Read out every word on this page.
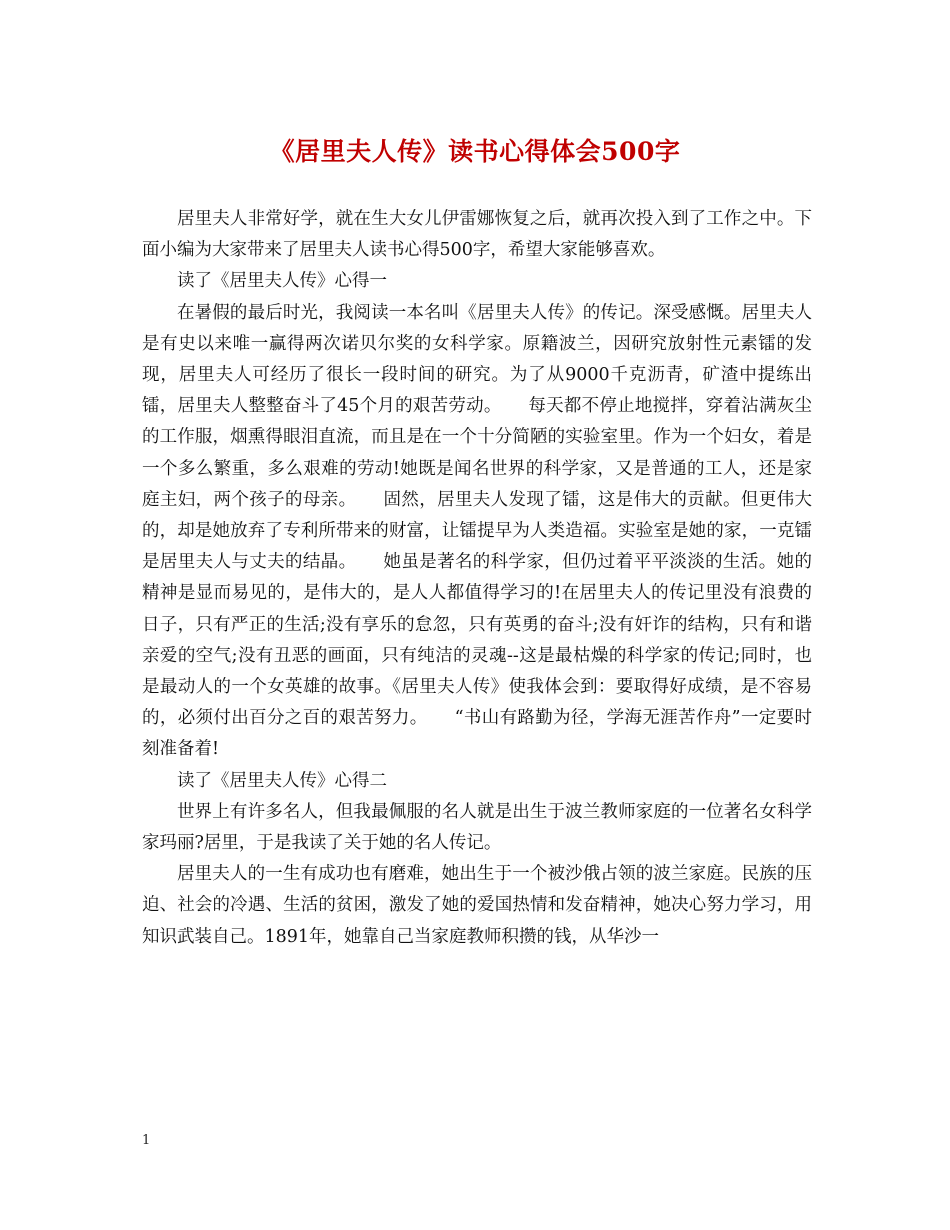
《居里夫人传》读书心得体会500字

居里夫人非常好学，就在生大女儿伊雷娜恢复之后，就再次投入到了工作之中。下面小编为大家带来了居里夫人读书心得500字，希望大家能够喜欢。

读了《居里夫人传》心得一

在暑假的最后时光，我阅读一本名叫《居里夫人传》的传记。深受感慨。居里夫人是有史以来唯一赢得两次诺贝尔奖的女科学家。原籍波兰，因研究放射性元素镭的发现，居里夫人可经历了很长一段时间的研究。为了从9000千克沥青，矿渣中提练出镭，居里夫人整整奋斗了45个月的艰苦劳动。　　每天都不停止地搅拌，穿着沾满灰尘的工作服，烟熏得眼泪直流，而且是在一个十分简陋的实验室里。作为一个妇女，着是一个多么繁重，多么艰难的劳动!她既是闻名世界的科学家，又是普通的工人，还是家庭主妇，两个孩子的母亲。　　固然，居里夫人发现了镭，这是伟大的贡献。但更伟大的，却是她放弃了专利所带来的财富，让镭提早为人类造福。实验室是她的家，一克镭是居里夫人与丈夫的结晶。　　她虽是著名的科学家，但仍过着平平淡淡的生活。她的精神是显而易见的，是伟大的，是人人都值得学习的!在居里夫人的传记里没有浪费的日子，只有严正的生活;没有享乐的怠忽，只有英勇的奋斗;没有奸诈的结构，只有和谐亲爱的空气;没有丑恶的画面，只有纯洁的灵魂--这是最枯燥的科学家的传记;同时，也是最动人的一个女英雄的故事。《居里夫人传》使我体会到：要取得好成绩，是不容易的，必须付出百分之百的艰苦努力。　　“书山有路勤为径，学海无涯苦作舟”一定要时刻准备着!

读了《居里夫人传》心得二

世界上有许多名人，但我最佩服的名人就是出生于波兰教师家庭的一位著名女科学家玛丽?居里，于是我读了关于她的名人传记。

居里夫人的一生有成功也有磨难，她出生于一个被沙俄占领的波兰家庭。民族的压迫、社会的冷遇、生活的贫困，激发了她的爱国热情和发奋精神，她决心努力学习，用知识武装自己。1891年，她靠自己当家庭教师积攒的钱，从华沙一

1
